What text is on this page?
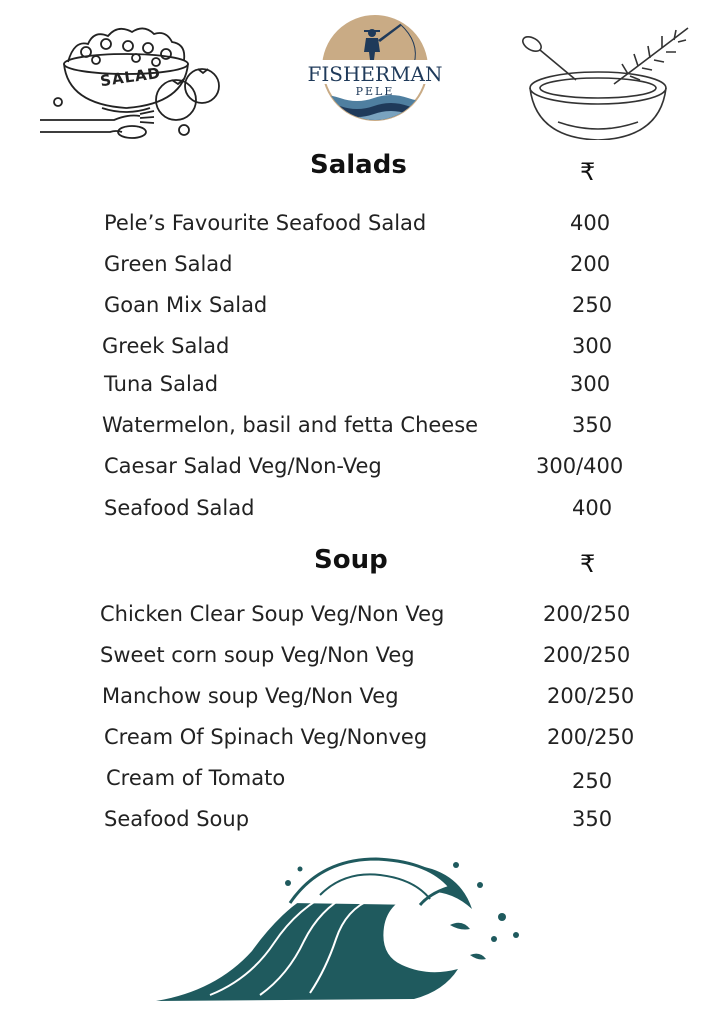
SALAD	FISHERMAN
PELE
Salads	₹
Pele’s Favourite Seafood Salad	400
Green Salad	200
Goan Mix Salad	250
Greek Salad	300
Tuna Salad	300
Watermelon, basil and fetta Cheese	350
Caesar Salad Veg/Non-Veg	300/400
Seafood Salad	400
Soup	₹
Chicken Clear Soup Veg/Non Veg	200/250
Sweet corn soup Veg/Non Veg	200/250
Manchow soup Veg/Non Veg	200/250
Cream Of Spinach Veg/Nonveg	200/250
Cream of Tomato	250
Seafood Soup	350
